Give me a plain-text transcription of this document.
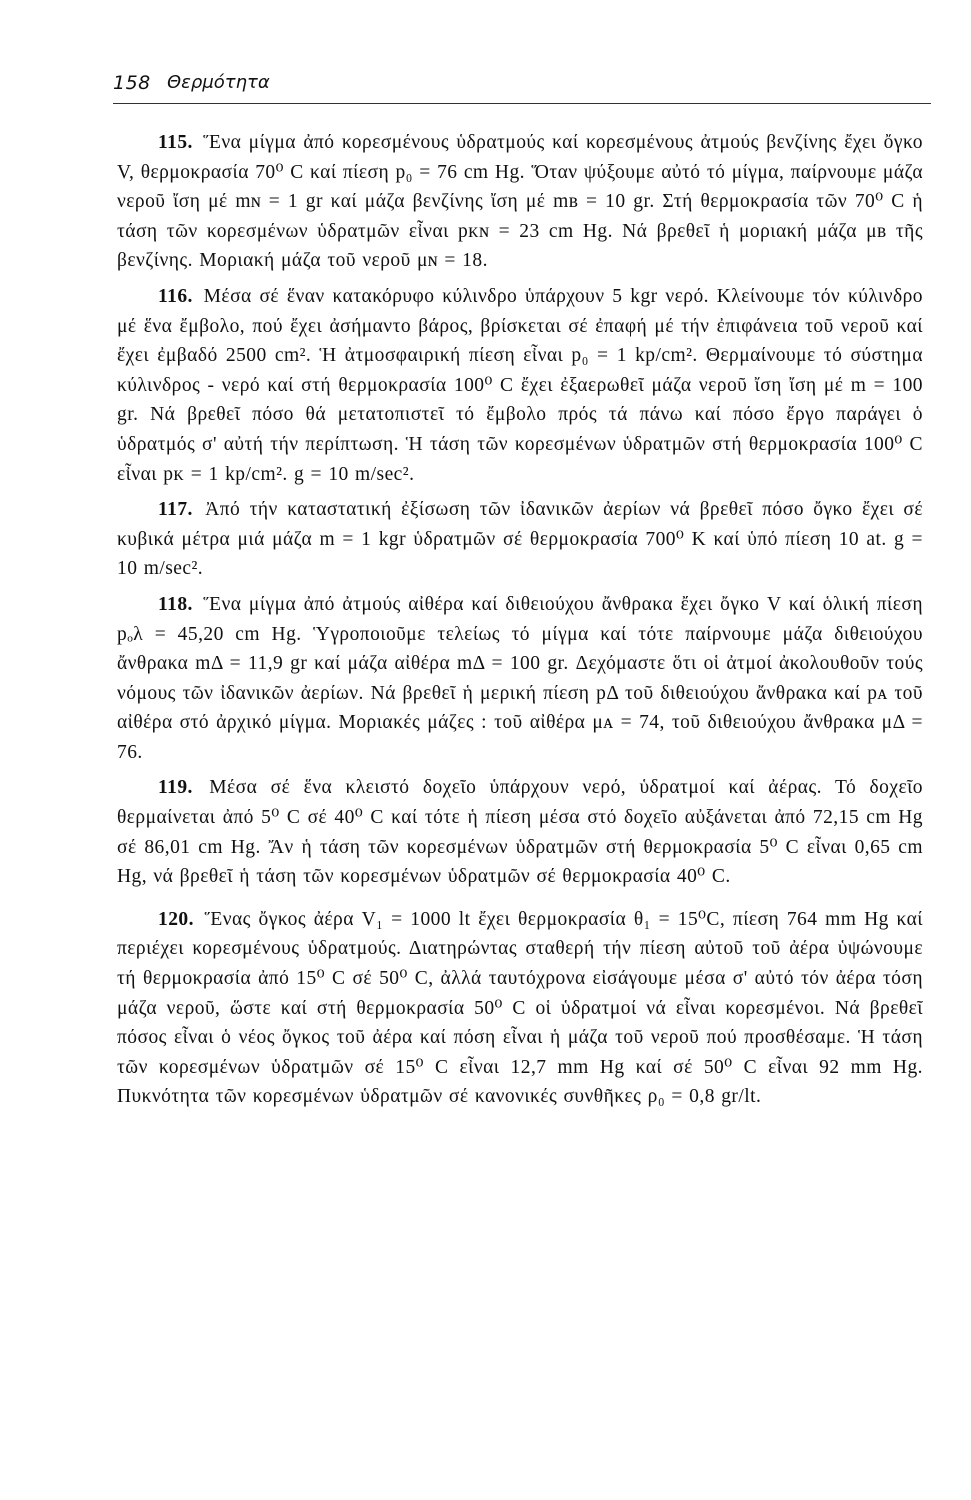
158 Θερμότητα

115. Ἕνα μίγμα ἀπό κορεσμένους ὑδρατμούς καί κορεσμένους ἀτμούς βενζίνης ἔχει ὄγκο V, θερμοκρασία 70⁰ C καί πίεση p₀ = 76 cm Hg. Ὅταν ψύξουμε αὐτό τό μίγμα, παίρνουμε μάζα νεροῦ ἴση μέ mɴ = 1 gr καί μάζα βενζίνης ἴση μέ mʙ = 10 gr. Στή θερμοκρασία τῶν 70⁰ C ἡ τάση τῶν κορεσμένων ὑδρατμῶν εἶναι pᴋɴ = 23 cm Hg. Νά βρεθεῖ ἡ μοριακή μάζα μʙ τῆς βενζίνης. Μοριακή μάζα τοῦ νεροῦ μɴ = 18.

116. Μέσα σέ ἕναν κατακόρυφο κύλινδρο ὑπάρχουν 5 kgr νερό. Κλείνουμε τόν κύλινδρο μέ ἕνα ἔμβολο, πού ἔχει ἀσήμαντο βάρος, βρίσκεται σέ ἐπαφή μέ τήν ἐπιφάνεια τοῦ νεροῦ καί ἔχει ἐμβαδό 2500 cm². Ἡ ἀτμοσφαιρική πίεση εἶναι p₀ = 1 kp/cm². Θερμαίνουμε τό σύστημα κύλινδρος - νερό καί στή θερμοκρασία 100⁰ C ἔχει ἐξαερωθεῖ μάζα νεροῦ ἴση ἴση μέ m = 100 gr. Νά βρεθεῖ πόσο θά μετατοπιστεῖ τό ἔμβολο πρός τά πάνω καί πόσο ἔργο παράγει ὁ ὑδρατμός σ' αὐτή τήν περίπτωση. Ἡ τάση τῶν κορεσμένων ὑδρατμῶν στή θερμοκρασία 100⁰ C εἶναι pᴋ = 1 kp/cm². g = 10 m/sec².

117. Ἀπό τήν καταστατική ἐξίσωση τῶν ἰδανικῶν ἀερίων νά βρεθεῖ πόσο ὄγκο ἔχει σέ κυβικά μέτρα μιά μάζα m = 1 kgr ὑδρατμῶν σέ θερμοκρασία 700⁰ K καί ὑπό πίεση 10 at. g = 10 m/sec².

118. Ἕνα μίγμα ἀπό ἀτμούς αἰθέρα καί διθειούχου ἄνθρακα ἔχει ὄγκο V καί ὁλική πίεση pₒλ = 45,20 cm Hg. Ὑγροποιοῦμε τελείως τό μίγμα καί τότε παίρνουμε μάζα διθειούχου ἄνθρακα mΔ = 11,9 gr καί μάζα αἰθέρα mΔ = 100 gr. Δεχόμαστε ὅτι οἱ ἀτμοί ἀκολουθοῦν τούς νόμους τῶν ἰδανικῶν ἀερίων. Νά βρεθεῖ ἡ μερική πίεση pΔ τοῦ διθειούχου ἄνθρακα καί pᴀ τοῦ αἰθέρα στό ἀρχικό μίγμα. Μοριακές μάζες : τοῦ αἰθέρα μᴀ = 74, τοῦ διθειούχου ἄνθρακα μΔ = 76.

119. Μέσα σέ ἕνα κλειστό δοχεῖο ὑπάρχουν νερό, ὑδρατμοί καί ἀέρας. Τό δοχεῖο θερμαίνεται ἀπό 5⁰ C σέ 40⁰ C καί τότε ἡ πίεση μέσα στό δοχεῖο αὐξάνεται ἀπό 72,15 cm Hg σέ 86,01 cm Hg. Ἄν ἡ τάση τῶν κορεσμένων ὑδρατμῶν στή θερμοκρασία 5⁰ C εἶναι 0,65 cm Hg, νά βρεθεῖ ἡ τάση τῶν κορεσμένων ὑδρατμῶν σέ θερμοκρασία 40⁰ C.

120. Ἕνας ὄγκος ἀέρα V₁ = 1000 lt ἔχει θερμοκρασία θ₁ = 15⁰C, πίεση 764 mm Hg καί περιέχει κορεσμένους ὑδρατμούς. Διατηρώντας σταθερή τήν πίεση αὐτοῦ τοῦ ἀέρα ὑψώνουμε τή θερμοκρασία ἀπό 15⁰ C σέ 50⁰ C, ἀλλά ταυτόχρονα εἰσάγουμε μέσα σ' αὐτό τόν ἀέρα τόση μάζα νεροῦ, ὥστε καί στή θερμοκρασία 50⁰ C οἱ ὑδρατμοί νά εἶναι κορεσμένοι. Νά βρεθεῖ πόσος εἶναι ὁ νέος ὄγκος τοῦ ἀέρα καί πόση εἶναι ἡ μάζα τοῦ νεροῦ πού προσθέσαμε. Ἡ τάση τῶν κορεσμένων ὑδρατμῶν σέ 15⁰ C εἶναι 12,7 mm Hg καί σέ 50⁰ C εἶναι 92 mm Hg. Πυκνότητα τῶν κορεσμένων ὑδρατμῶν σέ κανονικές συνθῆκες ρ₀ = 0,8 gr/lt.
